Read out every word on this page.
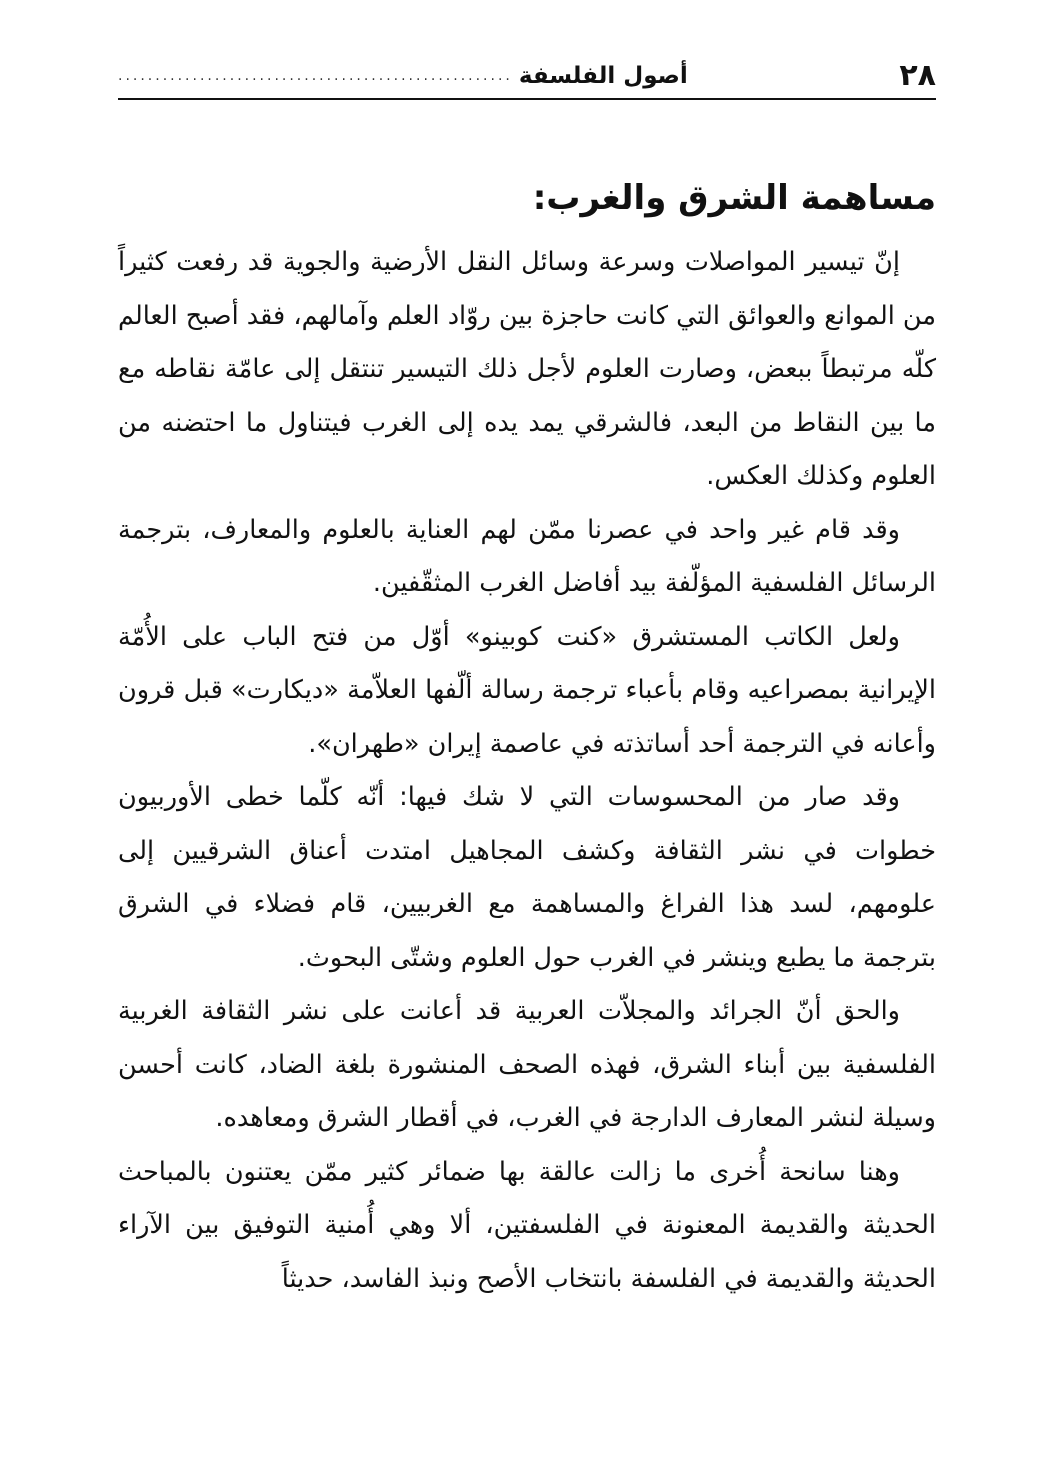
٢٨
أصول الفلسفة
.....................................................
مساهمة الشرق والغرب:

إنّ تيسير المواصلات وسرعة وسائل النقل الأرضية والجوية قد رفعت كثيراً من الموانع والعوائق التي كانت حاجزة بين روّاد العلم وآمالهم، فقد أصبح العالم كلّه مرتبطاً ببعض، وصارت العلوم لأجل ذلك التيسير تنتقل إلى عامّة نقاطه مع ما بين النقاط من البعد، فالشرقي يمد يده إلى الغرب فيتناول ما احتضنه من العلوم وكذلك العكس.

وقد قام غير واحد في عصرنا ممّن لهم العناية بالعلوم والمعارف، بترجمة الرسائل الفلسفية المؤلّفة بيد أفاضل الغرب المثقّفين.

ولعل الكاتب المستشرق «كنت كوبينو» أوّل من فتح الباب على الأُمّة الإيرانية بمصراعيه وقام بأعباء ترجمة رسالة ألّفها العلاّمة «ديكارت» قبل قرون وأعانه في الترجمة أحد أساتذته في عاصمة إيران «طهران».

وقد صار من المحسوسات التي لا شك فيها: أنّه كلّما خطى الأوربيون خطوات في نشر الثقافة وكشف المجاهيل امتدت أعناق الشرقيين إلى علومهم، لسد هذا الفراغ والمساهمة مع الغربيين، قام فضلاء في الشرق بترجمة ما يطبع وينشر في الغرب حول العلوم وشتّى البحوث.

والحق أنّ الجرائد والمجلاّت العربية قد أعانت على نشر الثقافة الغربية الفلسفية بين أبناء الشرق، فهذه الصحف المنشورة بلغة الضاد، كانت أحسن وسيلة لنشر المعارف الدارجة في الغرب، في أقطار الشرق ومعاهده.

وهنا سانحة أُخرى ما زالت عالقة بها ضمائر كثير ممّن يعتنون بالمباحث الحديثة والقديمة المعنونة في الفلسفتين، ألا وهي أُمنية التوفيق بين الآراء الحديثة والقديمة في الفلسفة بانتخاب الأصح ونبذ الفاسد، حديثاً
